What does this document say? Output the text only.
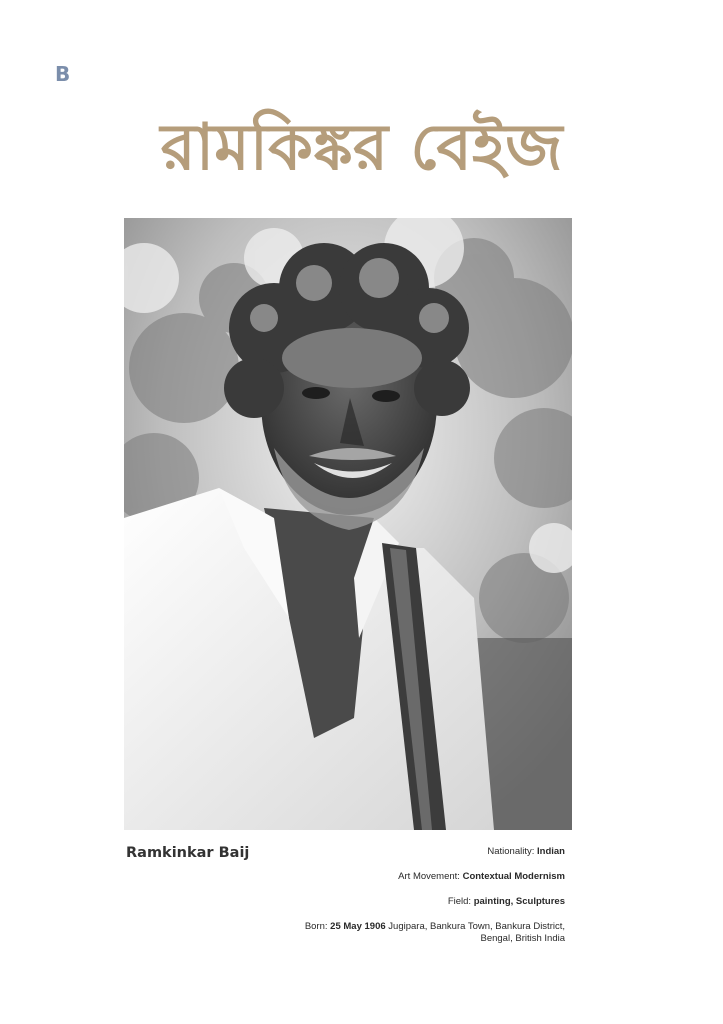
B
রামকিঙ্কর বেইজ
Ramkinkar Baij	Nationality: Indian
Art Movement: Contextual Modernism
Field: painting, Sculptures
Born: 25 May 1906 Jugipara, Bankura Town, Bankura District,
Bengal, British India
